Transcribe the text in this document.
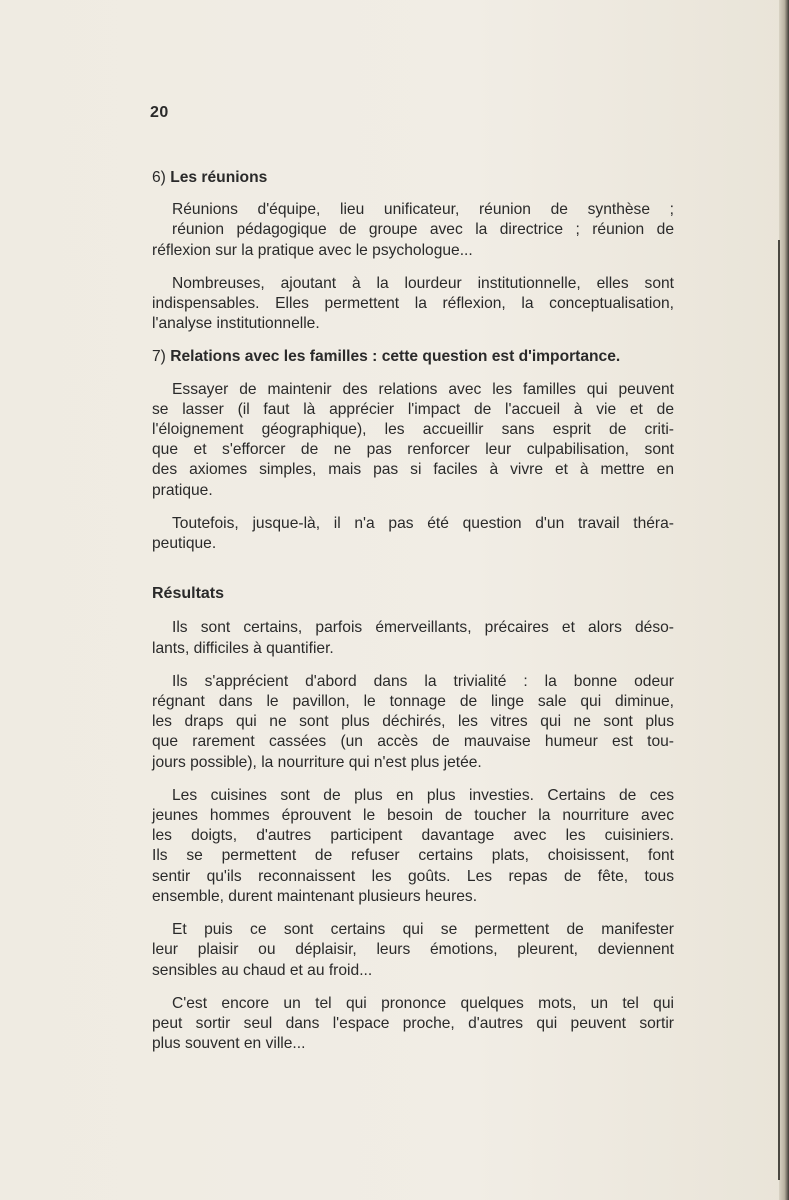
20
6) Les réunions
Réunions d'équipe, lieu unificateur, réunion de synthèse ;
réunion pédagogique de groupe avec la directrice ; réunion de
réflexion sur la pratique avec le psychologue...
Nombreuses, ajoutant à la lourdeur institutionnelle, elles sont
indispensables. Elles permettent la réflexion, la conceptualisation,
l'analyse institutionnelle.
7) Relations avec les familles : cette question est d'importance.
Essayer de maintenir des relations avec les familles qui peuvent
se lasser (il faut là apprécier l'impact de l'accueil à vie et de
l'éloignement géographique), les accueillir sans esprit de criti-
que et s'efforcer de ne pas renforcer leur culpabilisation, sont
des axiomes simples, mais pas si faciles à vivre et à mettre en
pratique.
Toutefois, jusque-là, il n'a pas été question d'un travail théra-
peutique.
Résultats
Ils sont certains, parfois émerveillants, précaires et alors déso-
lants, difficiles à quantifier.
Ils s'apprécient d'abord dans la trivialité : la bonne odeur
régnant dans le pavillon, le tonnage de linge sale qui diminue,
les draps qui ne sont plus déchirés, les vitres qui ne sont plus
que rarement cassées (un accès de mauvaise humeur est tou-
jours possible), la nourriture qui n'est plus jetée.
Les cuisines sont de plus en plus investies. Certains de ces
jeunes hommes éprouvent le besoin de toucher la nourriture avec
les doigts, d'autres participent davantage avec les cuisiniers.
Ils se permettent de refuser certains plats, choisissent, font
sentir qu'ils reconnaissent les goûts. Les repas de fête, tous
ensemble, durent maintenant plusieurs heures.
Et puis ce sont certains qui se permettent de manifester
leur plaisir ou déplaisir, leurs émotions, pleurent, deviennent
sensibles au chaud et au froid...
C'est encore un tel qui prononce quelques mots, un tel qui
peut sortir seul dans l'espace proche, d'autres qui peuvent sortir
plus souvent en ville...
